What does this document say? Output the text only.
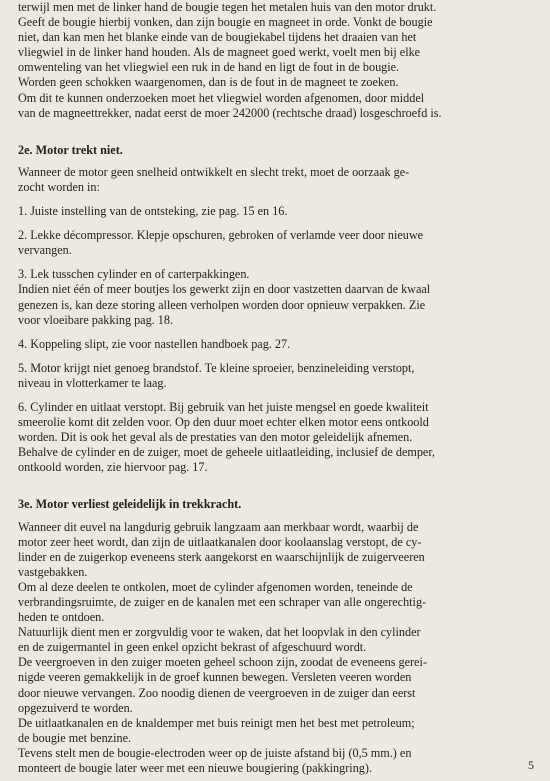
terwijl men met de linker hand de bougie tegen het metalen huis van den motor drukt.
Geeft de bougie hierbij vonken, dan zijn bougie en magneet in orde. Vonkt de bougie
niet, dan kan men het blanke einde van de bougiekabel tijdens het draaien van het
vliegwiel in de linker hand houden. Als de magneet goed werkt, voelt men bij elke
omwenteling van het vliegwiel een ruk in de hand en ligt de fout in de bougie.
Worden geen schokken waargenomen, dan is de fout in de magneet te zoeken.
Om dit te kunnen onderzoeken moet het vliegwiel worden afgenomen, door middel
van de magneettrekker, nadat eerst de moer 242000 (rechtsche draad) losgeschroefd is.
2e. Motor trekt niet.
Wanneer de motor geen snelheid ontwikkelt en slecht trekt, moet de oorzaak ge-
zocht worden in:
1. Juiste instelling van de ontsteking, zie pag. 15 en 16.
2. Lekke décompressor. Klepje opschuren, gebroken of verlamde veer door nieuwe
vervangen.
3. Lek tusschen cylinder en of carterpakkingen.
Indien niet één of meer boutjes los gewerkt zijn en door vastzetten daarvan de kwaal
genezen is, kan deze storing alleen verholpen worden door opnieuw verpakken. Zie
voor vloeibare pakking pag. 18.
4. Koppeling slipt, zie voor nastellen handboek pag. 27.
5. Motor krijgt niet genoeg brandstof. Te kleine sproeier, benzineleiding verstopt,
niveau in vlotterkamer te laag.
6. Cylinder en uitlaat verstopt. Bij gebruik van het juiste mengsel en goede kwaliteit
smeerolie komt dit zelden voor. Op den duur moet echter elken motor eens ontkoold
worden. Dit is ook het geval als de prestaties van den motor geleidelijk afnemen.
Behalve de cylinder en de zuiger, moet de geheele uitlaatleiding, inclusief de demper,
ontkoold worden, zie hiervoor pag. 17.
3e. Motor verliest geleidelijk in trekkracht.
Wanneer dit euvel na langdurig gebruik langzaam aan merkbaar wordt, waarbij de
motor zeer heet wordt, dan zijn de uitlaatkanalen door koolaanslag verstopt, de cy-
linder en de zuigerkop eveneens sterk aangekorst en waarschijnlijk de zuigerveeren
vastgebakken.
Om al deze deelen te ontkolen, moet de cylinder afgenomen worden, teneinde de
verbrandingsruimte, de zuiger en de kanalen met een schraper van alle ongerechtig-
heden te ontdoen.
Natuurlijk dient men er zorgvuldig voor te waken, dat het loopvlak in den cylinder
en de zuigermantel in geen enkel opzicht bekrast of afgeschuurd wordt.
De veergroeven in den zuiger moeten geheel schoon zijn, zoodat de eveneens gerei-
nigde veeren gemakkelijk in de groef kunnen bewegen. Versleten veeren worden
door nieuwe vervangen. Zoo noodig dienen de veergroeven in de zuiger dan eerst
opgezuiverd te worden.
De uitlaatkanalen en de knaldemper met buis reinigt men het best met petroleum;
de bougie met benzine.
Tevens stelt men de bougie-electroden weer op de juiste afstand bij (0,5 mm.) en
monteert de bougie later weer met een nieuwe bougiering (pakkingring).	5
